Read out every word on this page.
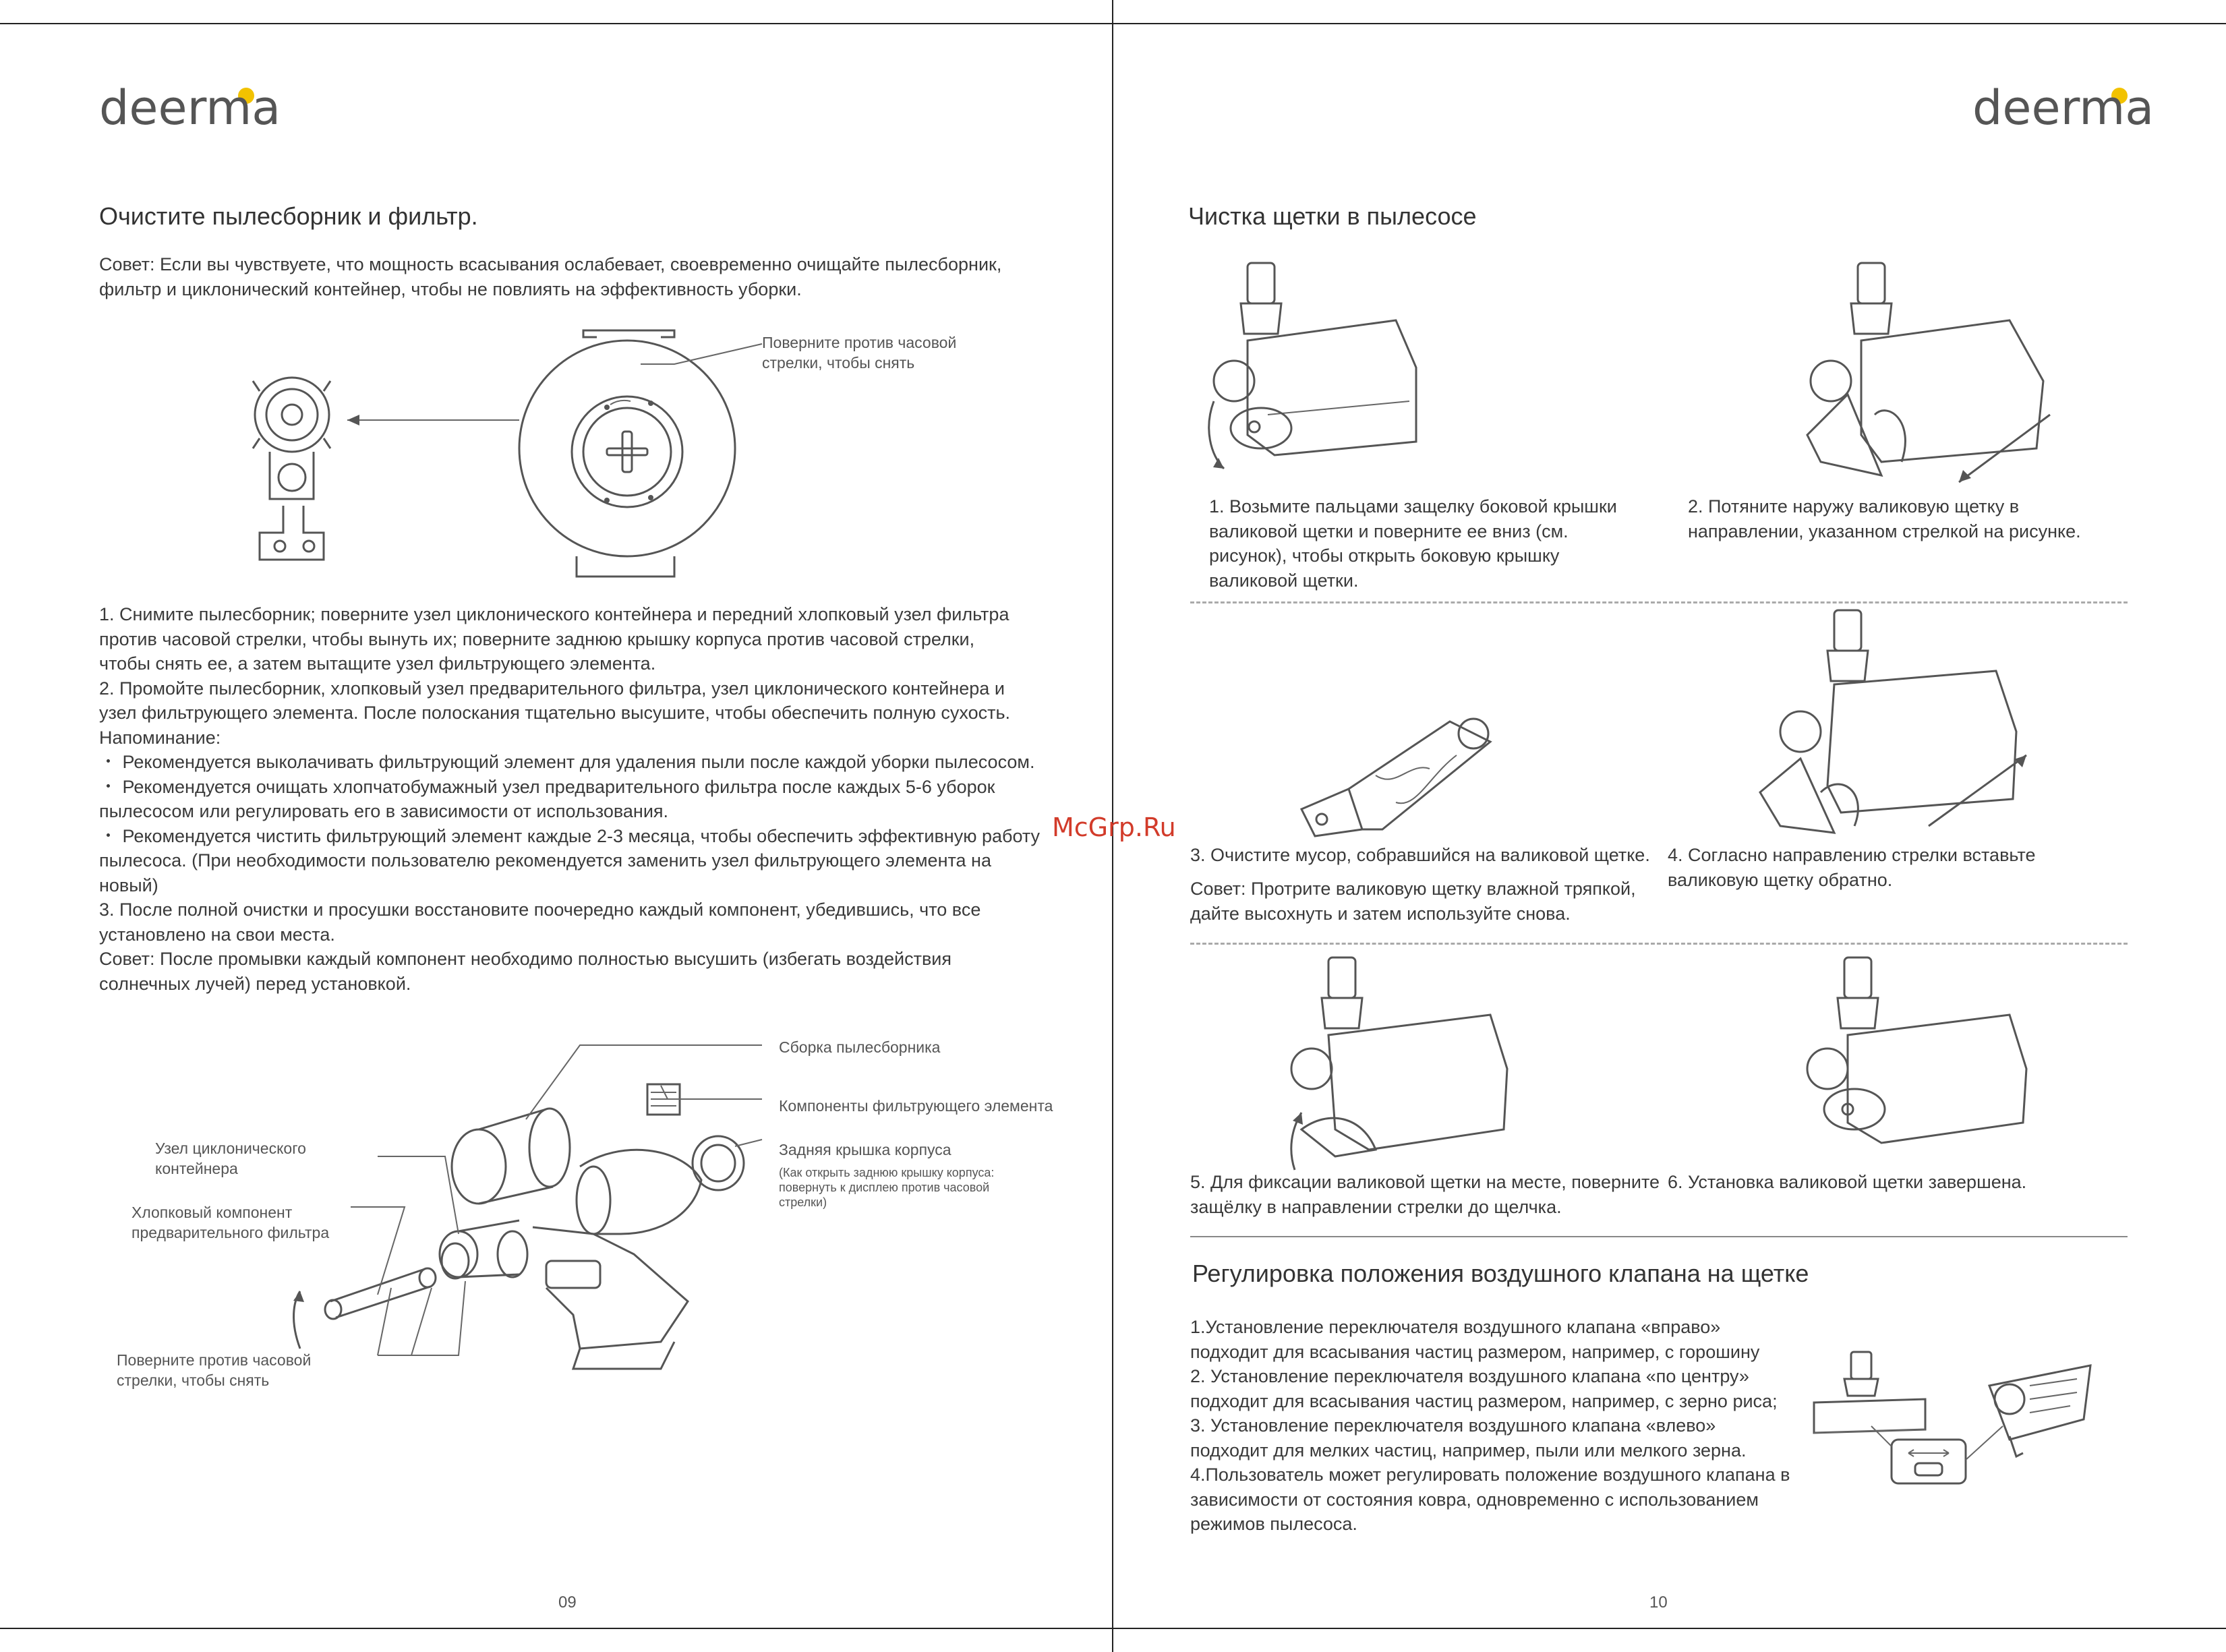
deerma	deerma
Очистите пылесборник и фильтр.
Совет: Если вы чувствуете, что мощность всасывания ослабевает, своевременно очищайте пылесборник,
фильтр и циклонический контейнер, чтобы не повлиять на эффективность уборки.
Поверните против часовой
стрелки, чтобы снять
1. Снимите пылесборник; поверните узел циклонического контейнера и передний хлопковый узел фильтра
против часовой стрелки, чтобы вынуть их; поверните заднюю крышку корпуса против часовой стрелки,
чтобы снять ее, а затем вытащите узел фильтрующего элемента.
2. Промойте пылесборник, хлопковый узел предварительного фильтра, узел циклонического контейнера и
узел фильтрующего элемента. После полоскания тщательно высушите, чтобы обеспечить полную сухость.
Напоминание:
・ Рекомендуется выколачивать фильтрующий элемент для удаления пыли после каждой уборки пылесосом.
・ Рекомендуется очищать хлопчатобумажный узел предварительного фильтра после каждых 5-6 уборок
пылесосом или регулировать его в зависимости от использования.
・ Рекомендуется чистить фильтрующий элемент каждые 2-3 месяца, чтобы обеспечить эффективную работу
пылесоса. (При необходимости пользователю рекомендуется заменить узел фильтрующего элемента на
новый)
3. После полной очистки и просушки восстановите поочередно каждый компонент, убедившись, что все
установлено на свои места.
Совет: После промывки каждый компонент необходимо полностью высушить (избегать воздействия
солнечных лучей) перед установкой.
Сборка пылесборника
Компоненты фильтрующего элемента
Задняя крышка корпуса
(Как открыть заднюю крышку корпуса:
повернуть к дисплею против часовой
стрелки)
Узел циклонического
контейнера
Хлопковый компонент
предварительного фильтра
Поверните против часовой
стрелки, чтобы снять
09
Чистка щетки в пылесосе
1. Возьмите пальцами защелку боковой крышки
валиковой щетки и поверните ее вниз (см.
рисунок), чтобы открыть боковую крышку
валиковой щетки.
2. Потяните наружу валиковую щетку в
направлении, указанном стрелкой на рисунке.
3. Очистите мусор, собравшийся на валиковой щетке.
Совет: Протрите валиковую щетку влажной тряпкой,
дайте высохнуть и затем используйте снова.
4. Согласно направлению стрелки вставьте
валиковую щетку обратно.
5. Для фиксации валиковой щетки на месте, поверните
защёлку в направлении стрелки до щелчка.
6. Установка валиковой щетки завершена.
Регулировка положения воздушного клапана на щетке
1.Установление переключателя воздушного клапана «вправо»
подходит для всасывания частиц размером, например, с горошину
2. Установление переключателя воздушного клапана «по центру»
подходит для всасывания частиц размером, например, с зерно риса;
3. Установление переключателя воздушного клапана «влево»
подходит для мелких частиц, например, пыли или мелкого зерна.
4.Пользователь может регулировать положение воздушного клапана в
зависимости от состояния ковра, одновременно с использованием
режимов пылесоса.
10
McGrp.Ru
